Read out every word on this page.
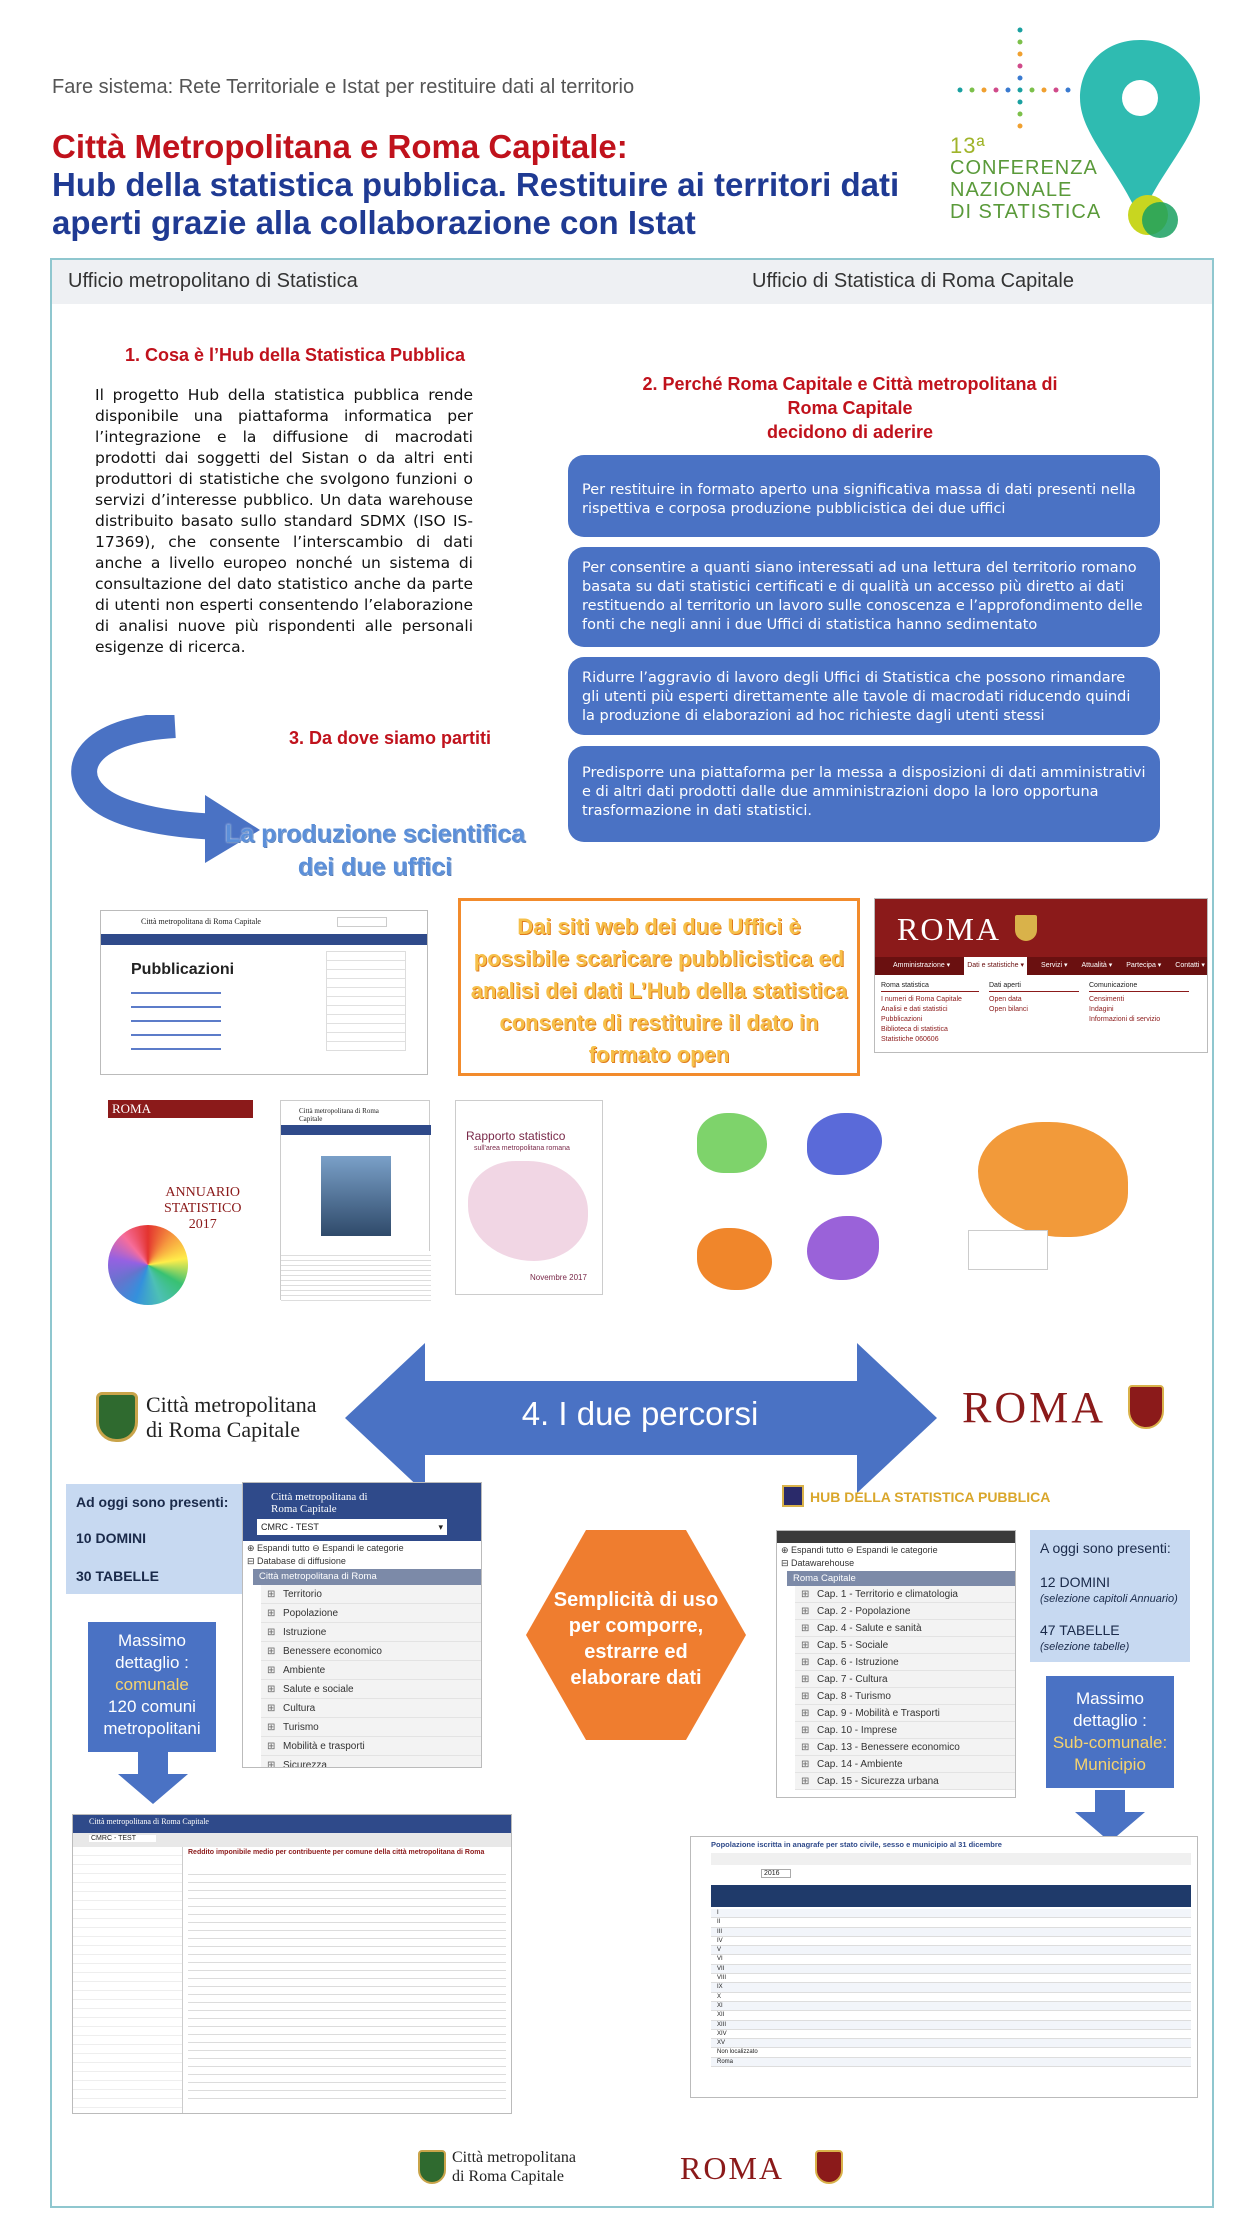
Fare sistema: Rete Territoriale e Istat per restituire dati al territorio
Città Metropolitana e Roma Capitale:
Hub della statistica pubblica. Restituire ai territori dati aperti grazie alla collaborazione con Istat
13ª
CONFERENZA
NAZIONALE
DI STATISTICA
Ufficio metropolitano di Statistica	Ufficio di Statistica di Roma Capitale
1. Cosa è l’Hub della Statistica Pubblica
Il progetto Hub della statistica pubblica rende disponibile una piattaforma informatica per l’integrazione e la diffusione di macrodati prodotti dai soggetti del Sistan o da altri enti produttori di statistiche che svolgono funzioni o servizi d’interesse pubblico. Un data warehouse distribuito basato sullo standard SDMX (ISO IS-17369), che consente l’interscambio di dati anche a livello europeo nonché un sistema di consultazione del dato statistico anche da parte di utenti non esperti consentendo l’elaborazione di analisi nuove più rispondenti alle personali esigenze di ricerca.
2. Perché Roma Capitale e Città metropolitana di
Roma Capitale
decidono di aderire
Per restituire in formato aperto una significativa massa di dati presenti nella rispettiva e corposa produzione pubblicistica dei due uffici
Per consentire a quanti siano interessati ad una lettura del territorio romano basata su dati statistici certificati e di qualità un accesso più diretto ai dati restituendo al territorio un lavoro sulle conoscenza e l’approfondimento delle fonti che negli anni i due Uffici di statistica hanno sedimentato
Ridurre l’aggravio di lavoro degli Uffici di Statistica che possono rimandare gli utenti più esperti direttamente alle tavole di macrodati riducendo quindi la produzione di elaborazioni ad hoc richieste dagli utenti stessi
Predisporre una piattaforma per la messa a disposizioni di dati amministrativi e di altri dati prodotti dalle due amministrazioni dopo la loro opportuna trasformazione in dati statistici.
3. Da dove siamo partiti
La produzione scientifica
dei due uffici
Città metropolitana di Roma Capitale
Pubblicazioni
Dai siti web dei due Uffici è possibile scaricare pubblicistica ed analisi dei dati L’Hub della statistica consente di restituire il dato in formato open
ROMA
Amministrazione ▾	Dati e statistiche ▾	Servizi ▾ Attualità ▾ Partecipa ▾ Contatti ▾
Roma statistica
I numeri di Roma Capitale
Analisi e dati statistici
Pubblicazioni
Biblioteca di statistica
Statistiche 060606
Dati aperti
Open data
Open bilanci
Comunicazione
Censimenti
Indagini
Informazioni di servizio
ROMA
ANNUARIO
STATISTICO
2017
Città metropolitana di Roma Capitale
Rapporto statistico
sull'area metropolitana romana
Novembre 2017
4. I due percorsi
Città metropolitana
di Roma Capitale	ROMA
Ad oggi sono presenti:
10 DOMINI
30 TABELLE
Città metropolitana di Roma Capitale
CMRC - TEST	▾
⊕ Espandi tutto ⊖ Espandi le categorie
⊟ Database di diffusione
Città metropolitana di Roma
⊞ Territorio
⊞ Popolazione
⊞ Istruzione
⊞ Benessere economico
⊞ Ambiente
⊞ Salute e sociale
⊞ Cultura
⊞ Turismo
⊞ Mobilità e trasporti
⊞ Sicurezza
Massimo
dettaglio :
comunale
120 comuni
metropolitani
Semplicità di uso per comporre, estrarre ed elaborare dati
HUB DELLA STATISTICA PUBBLICA
⊕ Espandi tutto ⊖ Espandi le categorie
⊟ Datawarehouse
Roma Capitale
⊞ Cap. 1 - Territorio e climatologia
⊞ Cap. 2 - Popolazione
⊞ Cap. 4 - Salute e sanità
⊞ Cap. 5 - Sociale
⊞ Cap. 6 - Istruzione
⊞ Cap. 7 - Cultura
⊞ Cap. 8 - Turismo
⊞ Cap. 9 - Mobilità e Trasporti
⊞ Cap. 10 - Imprese
⊞ Cap. 13 - Benessere economico
⊞ Cap. 14 - Ambiente
⊞ Cap. 15 - Sicurezza urbana
A oggi sono presenti:
12 DOMINI
(selezione capitoli Annuario)
47 TABELLE
(selezione tabelle)
Massimo
dettaglio :
Sub-comunale:
Municipio
Città metropolitana di Roma Capitale
CMRC - TEST
Reddito imponibile medio per contribuente per comune della città metropolitana di Roma
Popolazione iscritta in anagrafe per stato civile, sesso e municipio al 31 dicembre
2016
I
II
III
IV
V
VI
VII
VIII
IX
X
XI
XII
XIII
XIV
XV
Non localizzato
Roma
Città metropolitana
di Roma Capitale	ROMA
